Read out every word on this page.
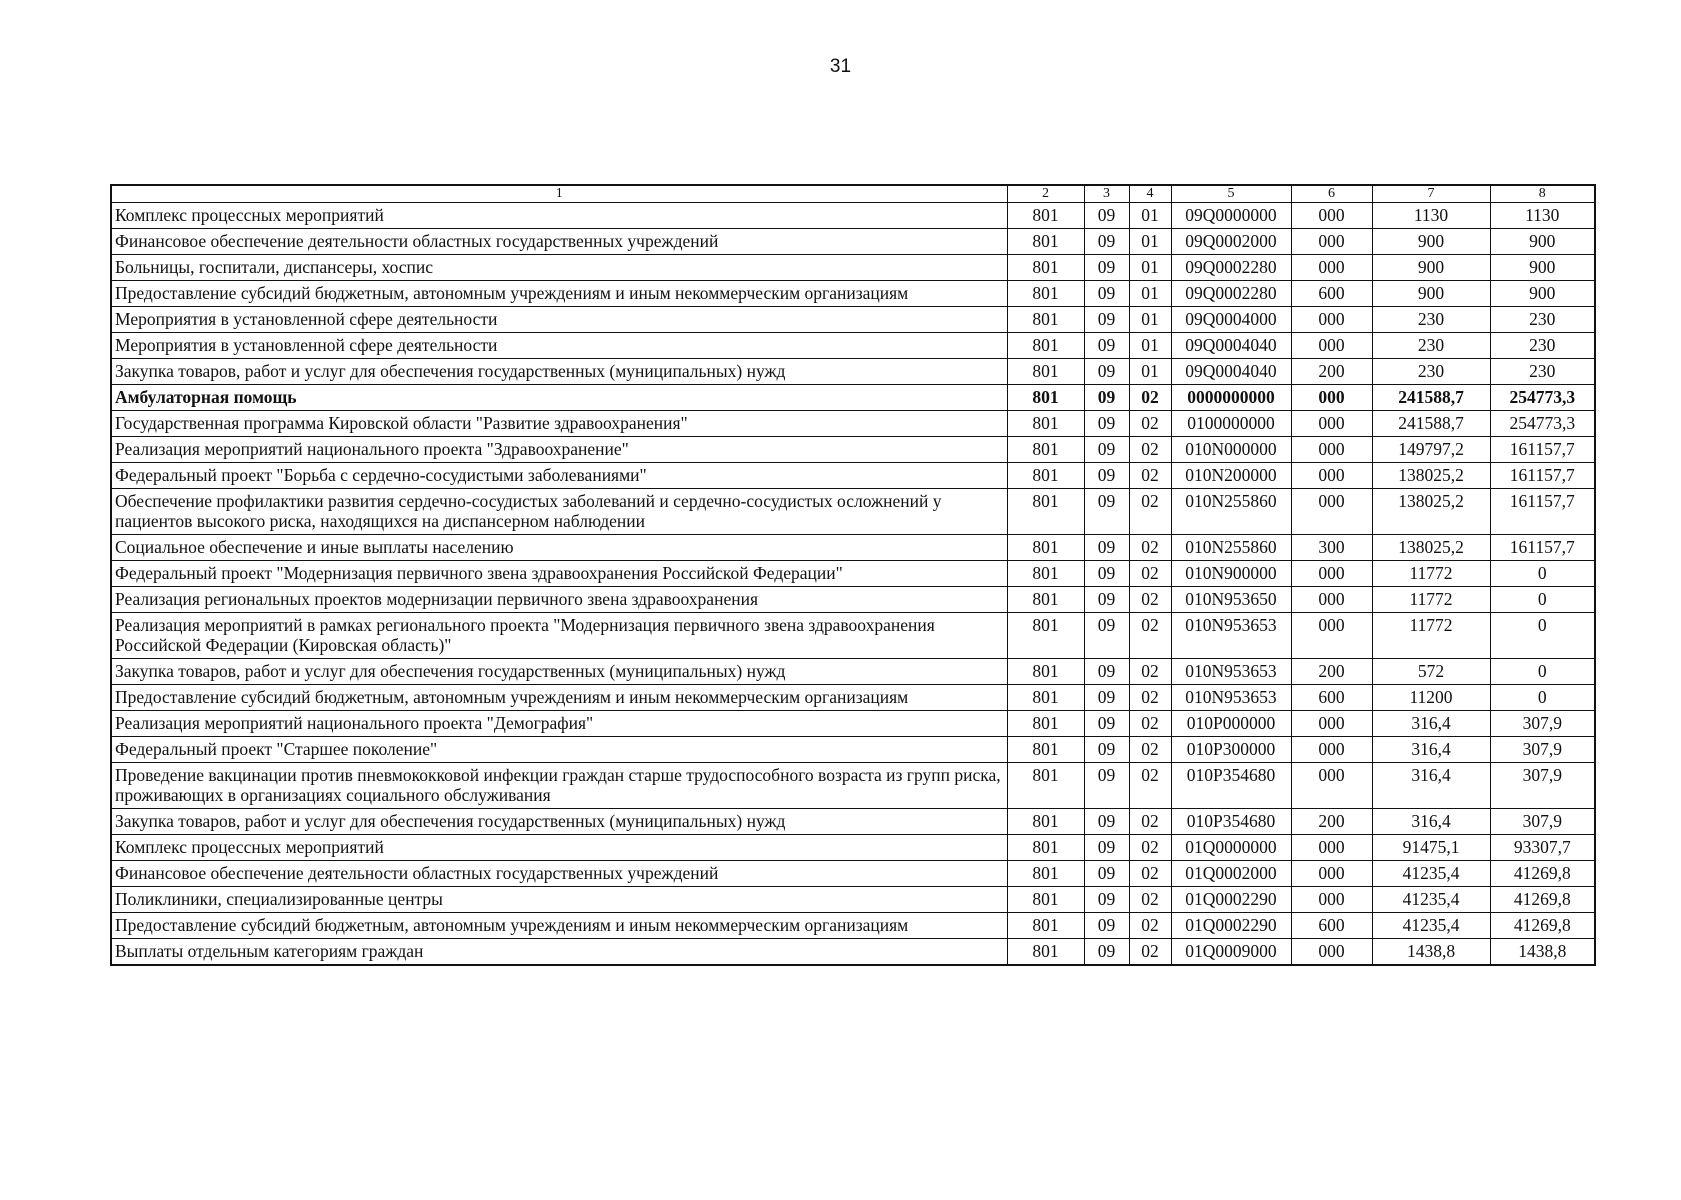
31
1	2	3	4	5	6	7	8
Комплекс процессных мероприятий	801	09	01	09Q0000000	000	1130	1130
Финансовое обеспечение деятельности областных государственных учреждений	801	09	01	09Q0002000	000	900	900
Больницы, госпитали, диспансеры, хоспис	801	09	01	09Q0002280	000	900	900
Предоставление субсидий бюджетным, автономным учреждениям и иным некоммерческим организациям	801	09	01	09Q0002280	600	900	900
Мероприятия в установленной сфере деятельности	801	09	01	09Q0004000	000	230	230
Мероприятия в установленной сфере деятельности	801	09	01	09Q0004040	000	230	230
Закупка товаров, работ и услуг для обеспечения государственных (муниципальных) нужд	801	09	01	09Q0004040	200	230	230
Амбулаторная помощь	801	09	02	0000000000	000	241588,7	254773,3
Государственная программа Кировской области "Развитие здравоохранения"	801	09	02	0100000000	000	241588,7	254773,3
Реализация мероприятий национального проекта "Здравоохранение"	801	09	02	010N000000	000	149797,2	161157,7
Федеральный проект "Борьба с сердечно-сосудистыми заболеваниями"	801	09	02	010N200000	000	138025,2	161157,7
Обеспечение профилактики развития сердечно-сосудистых заболеваний и сердечно-сосудистых осложнений у пациентов высокого риска, находящихся на диспансерном наблюдении	801	09	02	010N255860	000	138025,2	161157,7
Социальное обеспечение и иные выплаты населению	801	09	02	010N255860	300	138025,2	161157,7
Федеральный проект "Модернизация первичного звена здравоохранения Российской Федерации"	801	09	02	010N900000	000	11772	0
Реализация региональных проектов модернизации первичного звена здравоохранения	801	09	02	010N953650	000	11772	0
Реализация мероприятий в рамках регионального проекта "Модернизация первичного звена здравоохранения Российской Федерации (Кировская область)"	801	09	02	010N953653	000	11772	0
Закупка товаров, работ и услуг для обеспечения государственных (муниципальных) нужд	801	09	02	010N953653	200	572	0
Предоставление субсидий бюджетным, автономным учреждениям и иным некоммерческим организациям	801	09	02	010N953653	600	11200	0
Реализация мероприятий национального проекта "Демография"	801	09	02	010P000000	000	316,4	307,9
Федеральный проект "Старшее поколение"	801	09	02	010P300000	000	316,4	307,9
Проведение вакцинации против пневмококковой инфекции граждан старше трудоспособного возраста из групп риска, проживающих в организациях социального обслуживания	801	09	02	010P354680	000	316,4	307,9
Закупка товаров, работ и услуг для обеспечения государственных (муниципальных) нужд	801	09	02	010P354680	200	316,4	307,9
Комплекс процессных мероприятий	801	09	02	01Q0000000	000	91475,1	93307,7
Финансовое обеспечение деятельности областных государственных учреждений	801	09	02	01Q0002000	000	41235,4	41269,8
Поликлиники, специализированные центры	801	09	02	01Q0002290	000	41235,4	41269,8
Предоставление субсидий бюджетным, автономным учреждениям и иным некоммерческим организациям	801	09	02	01Q0002290	600	41235,4	41269,8
Выплаты отдельным категориям граждан	801	09	02	01Q0009000	000	1438,8	1438,8
